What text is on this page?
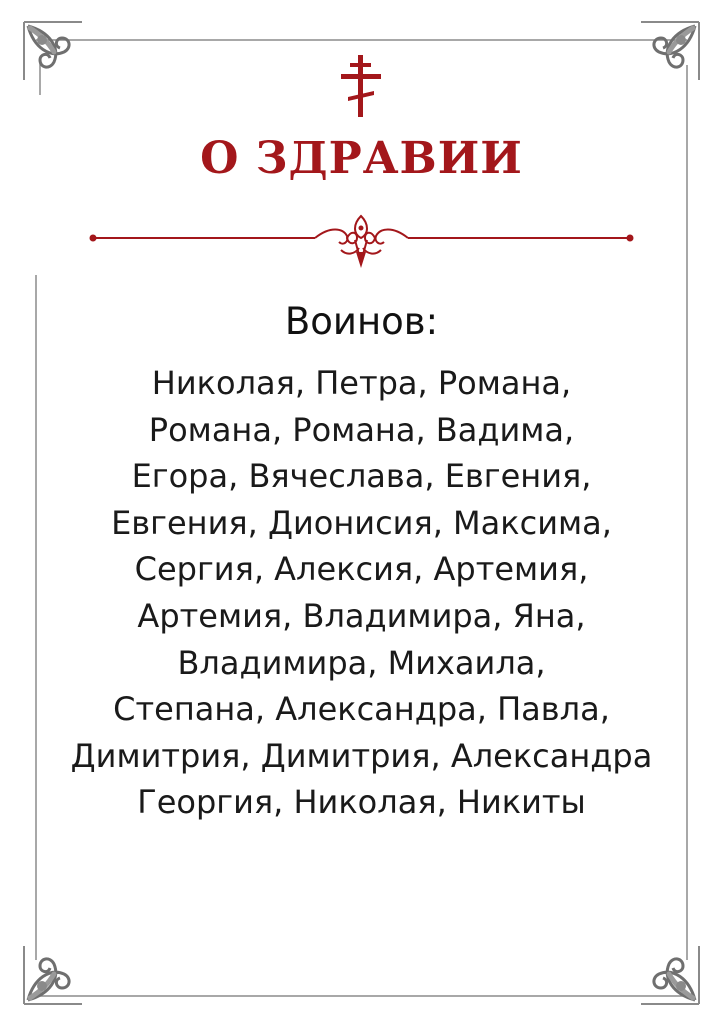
О ЗДРАВИИ
Воинов:
Николая, Петра, Романа,
Романа, Романа, Вадима,
Егора, Вячеслава, Евгения,
Евгения, Дионисия, Максима,
Сергия, Алексия, Артемия,
Артемия, Владимира, Яна,
Владимира, Михаила,
Степана, Александра, Павла,
Димитрия, Димитрия, Александра
Георгия, Николая, Никиты
